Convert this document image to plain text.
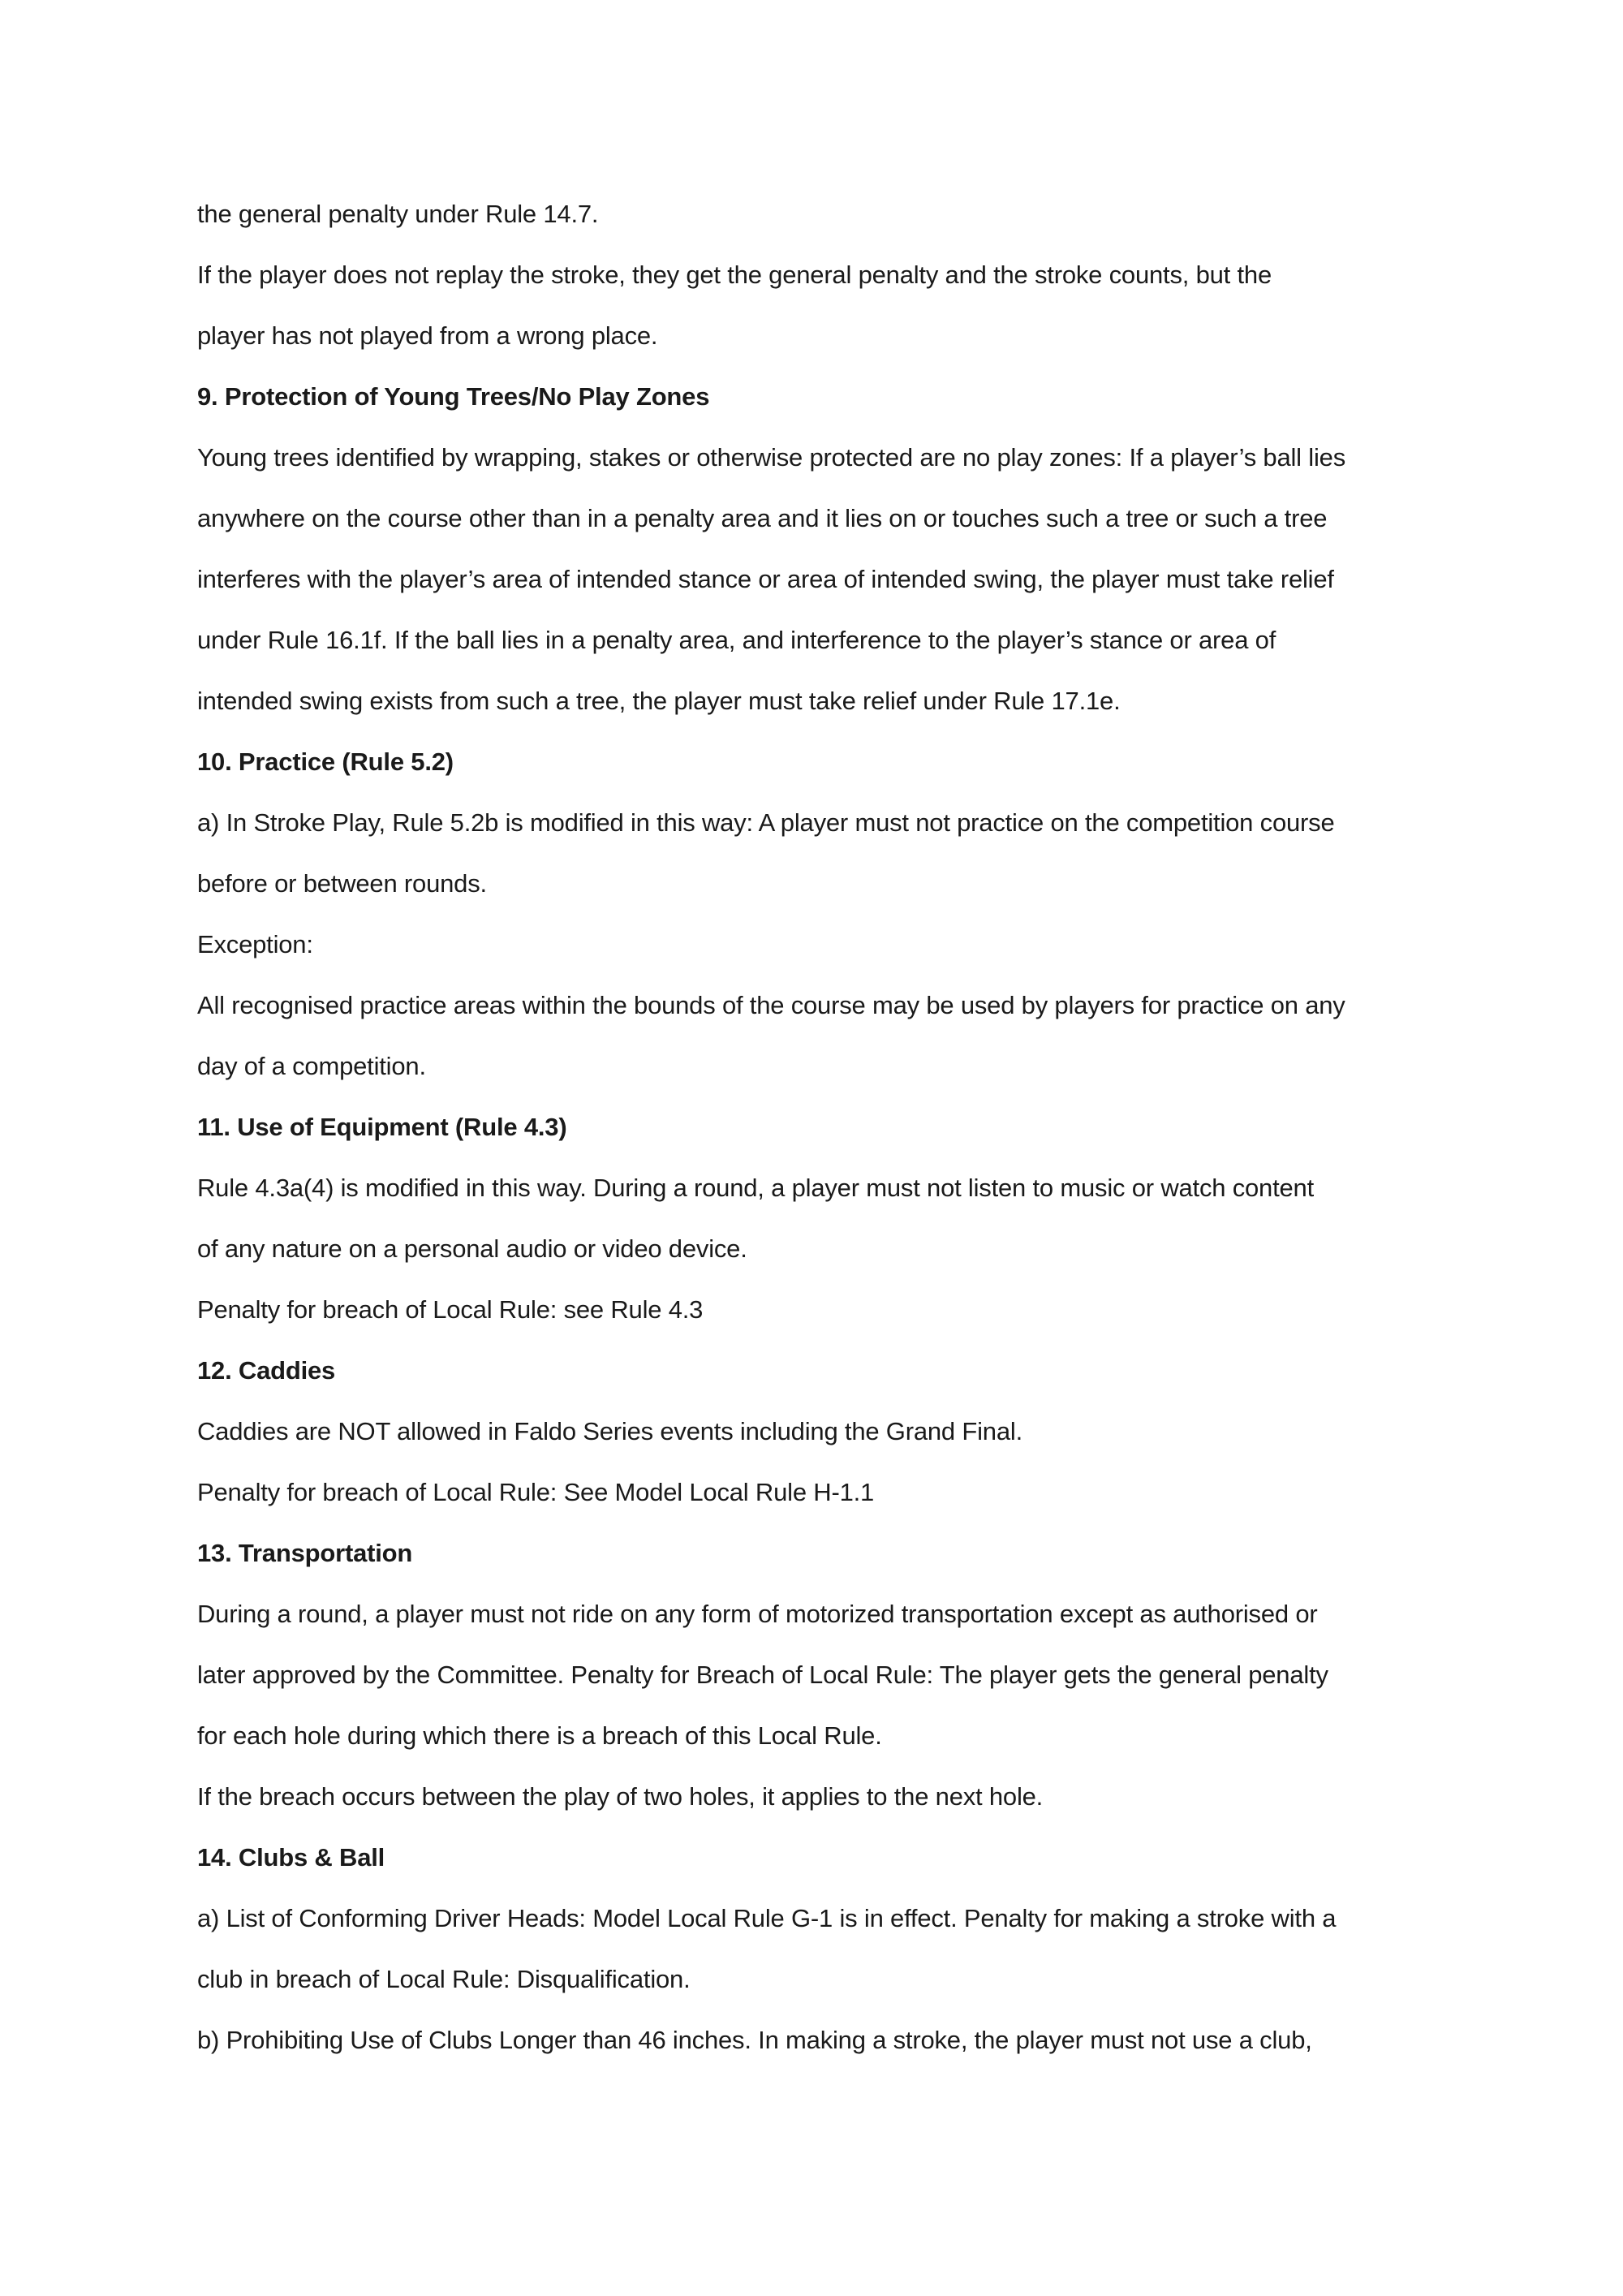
the general penalty under Rule 14.7.
If the player does not replay the stroke, they get the general penalty and the stroke counts, but the
player has not played from a wrong place.
9. Protection of Young Trees/No Play Zones
Young trees identified by wrapping, stakes or otherwise protected are no play zones: If a player’s ball lies
anywhere on the course other than in a penalty area and it lies on or touches such a tree or such a tree
interferes with the player’s area of intended stance or area of intended swing, the player must take relief
under Rule 16.1f. If the ball lies in a penalty area, and interference to the player’s stance or area of
intended swing exists from such a tree, the player must take relief under Rule 17.1e.
10. Practice (Rule 5.2)
a) In Stroke Play, Rule 5.2b is modified in this way: A player must not practice on the competition course
before or between rounds.
Exception:
All recognised practice areas within the bounds of the course may be used by players for practice on any
day of a competition.
11. Use of Equipment (Rule 4.3)
Rule 4.3a(4) is modified in this way. During a round, a player must not listen to music or watch content
of any nature on a personal audio or video device.
Penalty for breach of Local Rule: see Rule 4.3
12. Caddies
Caddies are NOT allowed in Faldo Series events including the Grand Final.
Penalty for breach of Local Rule: See Model Local Rule H-1.1
13. Transportation
During a round, a player must not ride on any form of motorized transportation except as authorised or
later approved by the Committee. Penalty for Breach of Local Rule: The player gets the general penalty
for each hole during which there is a breach of this Local Rule.
If the breach occurs between the play of two holes, it applies to the next hole.
14. Clubs & Ball
a) List of Conforming Driver Heads: Model Local Rule G-1 is in effect. Penalty for making a stroke with a
club in breach of Local Rule: Disqualification.
b) Prohibiting Use of Clubs Longer than 46 inches. In making a stroke, the player must not use a club,
